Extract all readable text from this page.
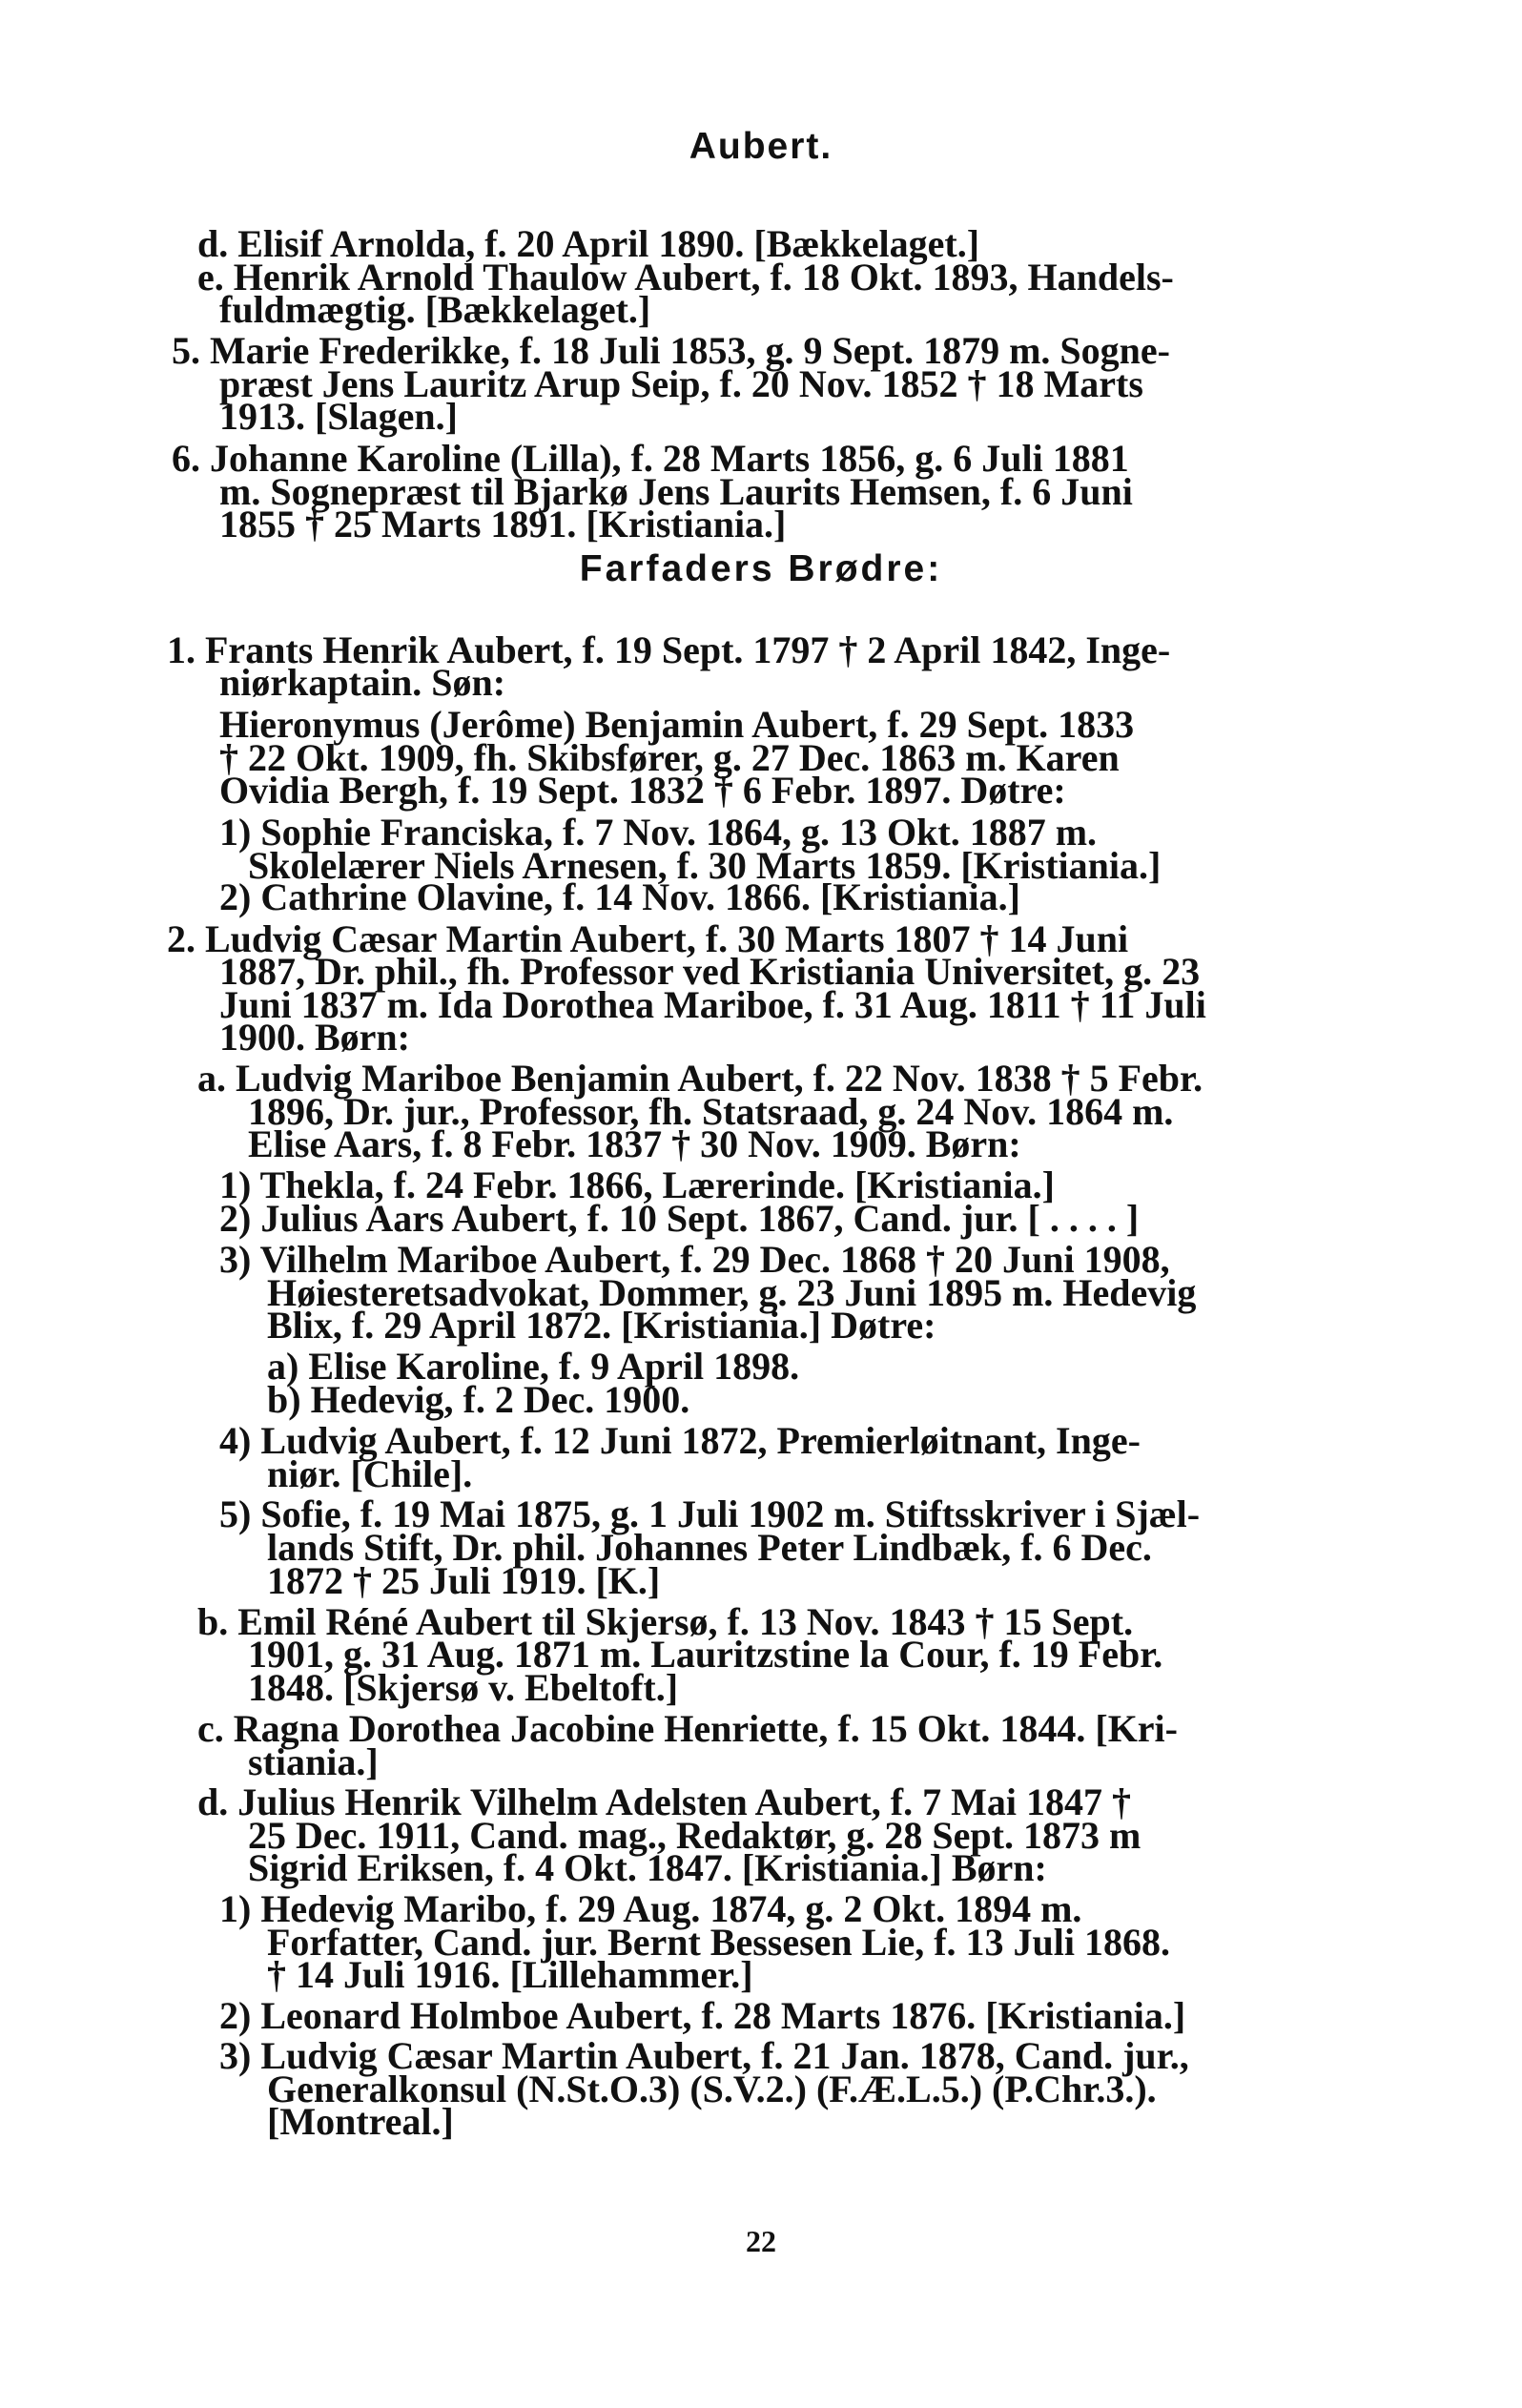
Aubert.
Farfaders Brødre:
d. Elisif Arnolda, f. 20 April 1890. [Bækkelaget.]
e. Henrik Arnold Thaulow Aubert, f. 18 Okt. 1893, Handels-
fuldmægtig. [Bækkelaget.]
5. Marie Frederikke, f. 18 Juli 1853, g. 9 Sept. 1879 m. Sogne-
præst Jens Lauritz Arup Seip, f. 20 Nov. 1852 † 18 Marts
1913. [Slagen.]
6. Johanne Karoline (Lilla), f. 28 Marts 1856, g. 6 Juli 1881
m. Sognepræst til Bjarkø Jens Laurits Hemsen, f. 6 Juni
1855 † 25 Marts 1891. [Kristiania.]
1. Frants Henrik Aubert, f. 19 Sept. 1797 † 2 April 1842, Inge-
niørkaptain. Søn:
Hieronymus (Jerôme) Benjamin Aubert, f. 29 Sept. 1833
† 22 Okt. 1909, fh. Skibsfører, g. 27 Dec. 1863 m. Karen
Ovidia Bergh, f. 19 Sept. 1832 † 6 Febr. 1897. Døtre:
1) Sophie Franciska, f. 7 Nov. 1864, g. 13 Okt. 1887 m.
Skolelærer Niels Arnesen, f. 30 Marts 1859. [Kristiania.]
2) Cathrine Olavine, f. 14 Nov. 1866. [Kristiania.]
2. Ludvig Cæsar Martin Aubert, f. 30 Marts 1807 † 14 Juni
1887, Dr. phil., fh. Professor ved Kristiania Universitet, g. 23
Juni 1837 m. Ida Dorothea Mariboe, f. 31 Aug. 1811 † 11 Juli
1900. Børn:
a. Ludvig Mariboe Benjamin Aubert, f. 22 Nov. 1838 † 5 Febr.
1896, Dr. jur., Professor, fh. Statsraad, g. 24 Nov. 1864 m.
Elise Aars, f. 8 Febr. 1837 † 30 Nov. 1909. Børn:
1) Thekla, f. 24 Febr. 1866, Lærerinde. [Kristiania.]
2) Julius Aars Aubert, f. 10 Sept. 1867, Cand. jur. [ . . . . ]
3) Vilhelm Mariboe Aubert, f. 29 Dec. 1868 † 20 Juni 1908,
Høiesteretsadvokat, Dommer, g. 23 Juni 1895 m. Hedevig
Blix, f. 29 April 1872. [Kristiania.] Døtre:
a) Elise Karoline, f. 9 April 1898.
b) Hedevig, f. 2 Dec. 1900.
4) Ludvig Aubert, f. 12 Juni 1872, Premierløitnant, Inge-
niør. [Chile].
5) Sofie, f. 19 Mai 1875, g. 1 Juli 1902 m. Stiftsskriver i Sjæl-
lands Stift, Dr. phil. Johannes Peter Lindbæk, f. 6 Dec.
1872 † 25 Juli 1919. [K.]
b. Emil Réné Aubert til Skjersø, f. 13 Nov. 1843 † 15 Sept.
1901, g. 31 Aug. 1871 m. Lauritzstine la Cour, f. 19 Febr.
1848. [Skjersø v. Ebeltoft.]
c. Ragna Dorothea Jacobine Henriette, f. 15 Okt. 1844. [Kri-
stiania.]
d. Julius Henrik Vilhelm Adelsten Aubert, f. 7 Mai 1847 †
25 Dec. 1911, Cand. mag., Redaktør, g. 28 Sept. 1873 m
Sigrid Eriksen, f. 4 Okt. 1847. [Kristiania.] Børn:
1) Hedevig Maribo, f. 29 Aug. 1874, g. 2 Okt. 1894 m.
Forfatter, Cand. jur. Bernt Bessesen Lie, f. 13 Juli 1868.
† 14 Juli 1916. [Lillehammer.]
2) Leonard Holmboe Aubert, f. 28 Marts 1876. [Kristiania.]
3) Ludvig Cæsar Martin Aubert, f. 21 Jan. 1878, Cand. jur.,
Generalkonsul (N.St.O.3) (S.V.2.) (F.Æ.L.5.) (P.Chr.3.).
[Montreal.]
22
